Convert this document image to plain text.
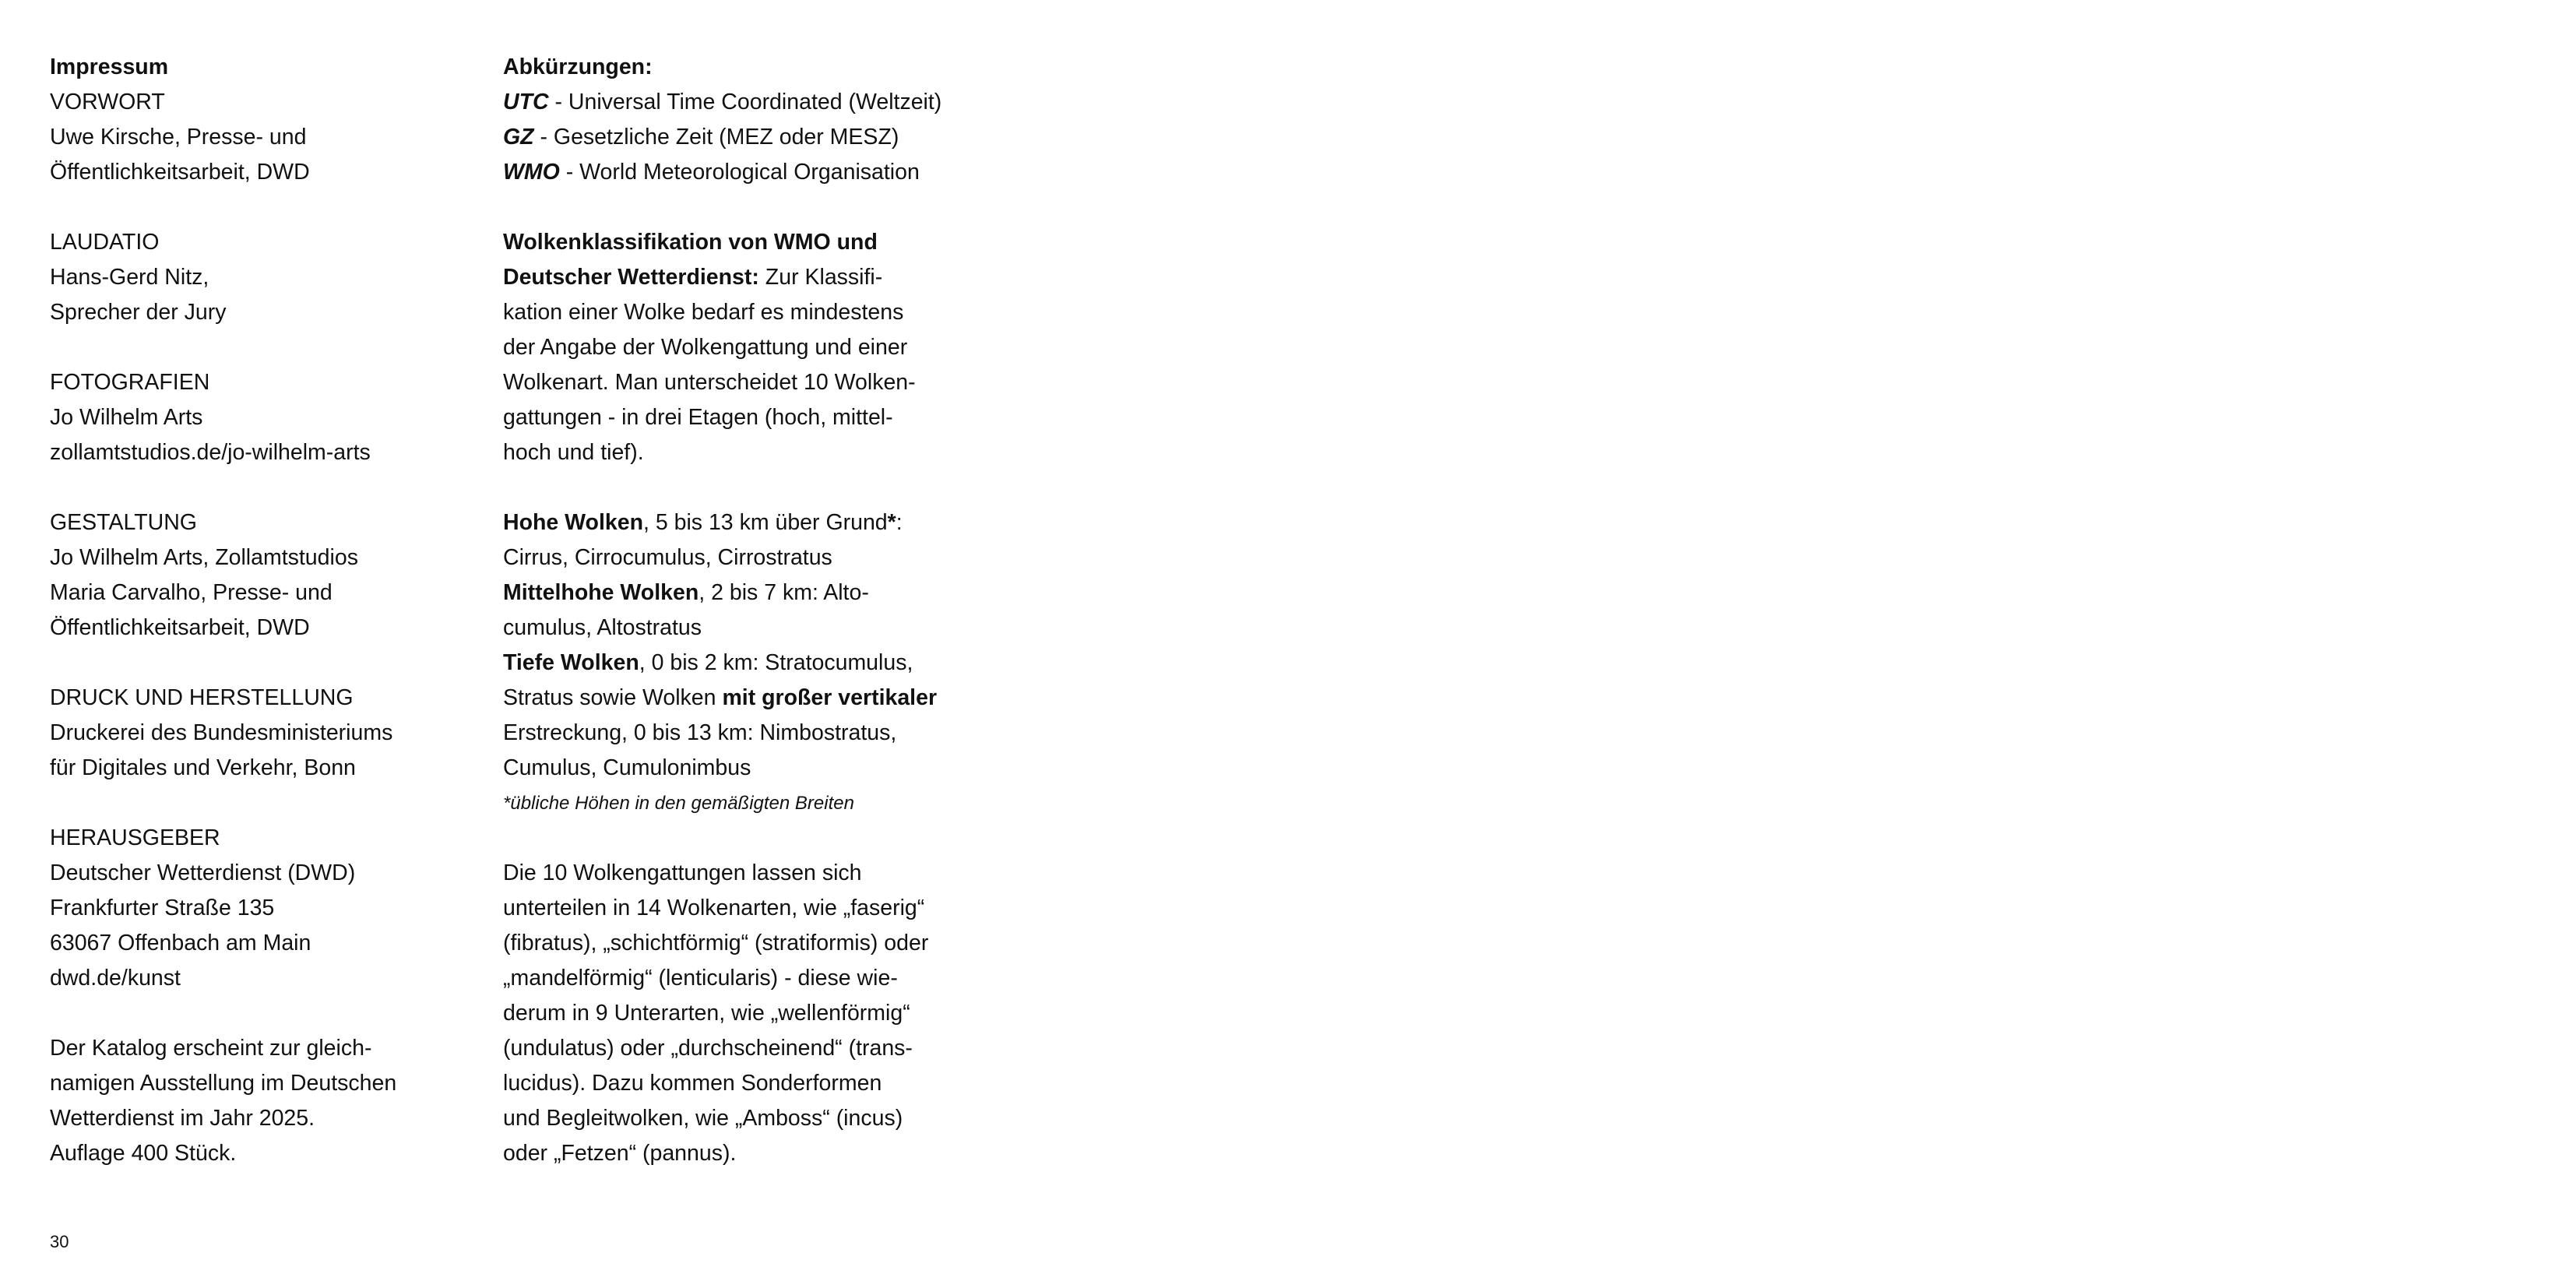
Impressum
VORWORT
Uwe Kirsche, Presse- und
Öffentlichkeitsarbeit, DWD
LAUDATIO
Hans-Gerd Nitz,
Sprecher der Jury
FOTOGRAFIEN
Jo Wilhelm Arts
zollamtstudios.de/jo-wilhelm-arts
GESTALTUNG
Jo Wilhelm Arts, Zollamtstudios
Maria Carvalho, Presse- und
Öffentlichkeitsarbeit, DWD
DRUCK UND HERSTELLUNG
Druckerei des Bundesministeriums
für Digitales und Verkehr, Bonn
HERAUSGEBER
Deutscher Wetterdienst (DWD)
Frankfurter Straße 135
63067 Offenbach am Main
dwd.de/kunst
Der Katalog erscheint zur gleich-
namigen Ausstellung im Deutschen
Wetterdienst im Jahr 2025.
Auflage 400 Stück.
Abkürzungen:
UTC - Universal Time Coordinated (Weltzeit)
GZ - Gesetzliche Zeit (MEZ oder MESZ)
WMO - World Meteorological Organisation
Wolkenklassifikation von WMO und
Deutscher Wetterdienst: Zur Klassifi-
kation einer Wolke bedarf es mindestens
der Angabe der Wolkengattung und einer
Wolkenart. Man unterscheidet 10 Wolken-
gattungen - in drei Etagen (hoch, mittel-
hoch und tief).
Hohe Wolken, 5 bis 13 km über Grund*:
Cirrus, Cirrocumulus, Cirrostratus
Mittelhohe Wolken, 2 bis 7 km: Alto-
cumulus, Altostratus
Tiefe Wolken, 0 bis 2 km: Stratocumulus,
Stratus sowie Wolken mit großer vertikaler
Erstreckung, 0 bis 13 km: Nimbostratus,
Cumulus, Cumulonimbus
*übliche Höhen in den gemäßigten Breiten
Die 10 Wolkengattungen lassen sich
unterteilen in 14 Wolkenarten, wie „faserig“
(fibratus), „schichtförmig“ (stratiformis) oder
„mandelförmig“ (lenticularis) - diese wie-
derum in 9 Unterarten, wie „wellenförmig“
(undulatus) oder „durchscheinend“ (trans-
lucidus). Dazu kommen Sonderformen
und Begleitwolken, wie „Amboss“ (incus)
oder „Fetzen“ (pannus).
30
